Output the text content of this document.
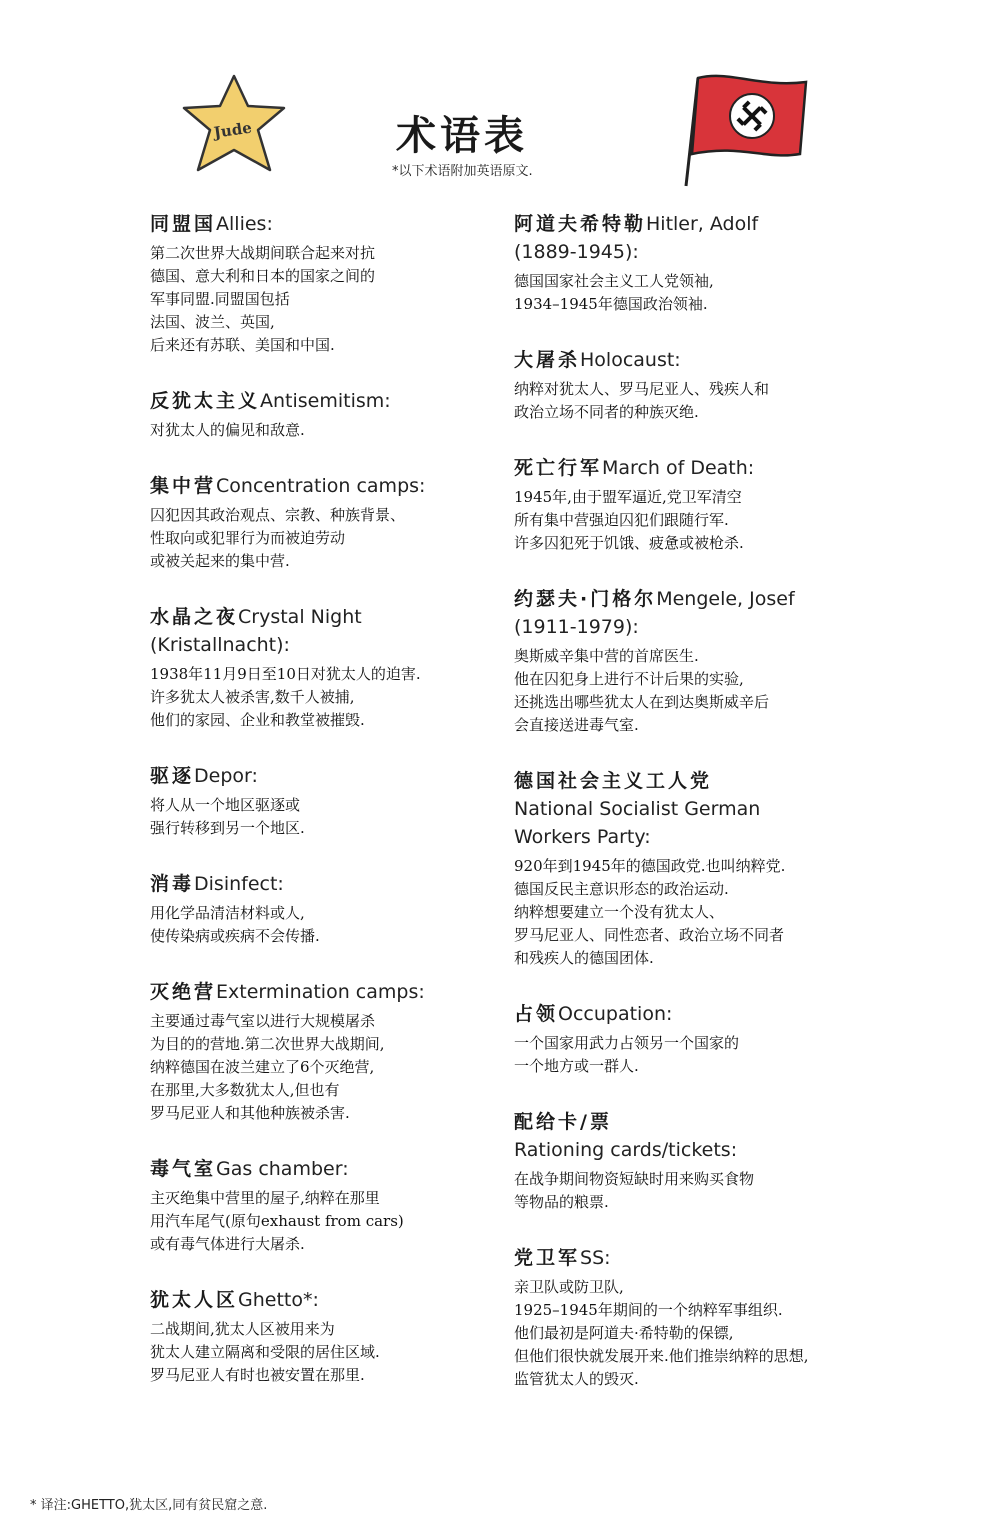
Jude	术语表
*以下术语附加英语原文.
同盟国Allies:
第二次世界大战期间联合起来对抗
德国、意大利和日本的国家之间的
军事同盟.同盟国包括
法国、波兰、英国,
后来还有苏联、美国和中国.
反犹太主义Antisemitism:
对犹太人的偏见和敌意.
集中营Concentration camps:
囚犯因其政治观点、宗教、种族背景、
性取向或犯罪行为而被迫劳动
或被关起来的集中营.
水晶之夜Crystal Night
(Kristallnacht):
1938年11月9日至10日对犹太人的迫害.
许多犹太人被杀害,数千人被捕,
他们的家园、企业和教堂被摧毁.
驱逐Depor:
将人从一个地区驱逐或
强行转移到另一个地区.
消毒Disinfect:
用化学品清洁材料或人,
使传染病或疾病不会传播.
灭绝营Extermination camps:
主要通过毒气室以进行大规模屠杀
为目的的营地.第二次世界大战期间,
纳粹德国在波兰建立了6个灭绝营,
在那里,大多数犹太人,但也有
罗马尼亚人和其他种族被杀害.
毒气室Gas chamber:
主灭绝集中营里的屋子,纳粹在那里
用汽车尾气(原句exhaust from cars)
或有毒气体进行大屠杀.
犹太人区Ghetto*:
二战期间,犹太人区被用来为
犹太人建立隔离和受限的居住区域.
罗马尼亚人有时也被安置在那里.
阿道夫希特勒Hitler, Adolf
(1889-1945):
德国国家社会主义工人党领袖,
1934–1945年德国政治领袖.
大屠杀Holocaust:
纳粹对犹太人、罗马尼亚人、残疾人和
政治立场不同者的种族灭绝.
死亡行军March of Death:
1945年,由于盟军逼近,党卫军清空
所有集中营强迫囚犯们跟随行军.
许多囚犯死于饥饿、疲惫或被枪杀.
约瑟夫·门格尔Mengele, Josef
(1911-1979):
奥斯威辛集中营的首席医生.
他在囚犯身上进行不计后果的实验,
还挑选出哪些犹太人在到达奥斯威辛后
会直接送进毒气室.
德国社会主义工人党
National Socialist German
Workers Party:
920年到1945年的德国政党.也叫纳粹党.
德国反民主意识形态的政治运动.
纳粹想要建立一个没有犹太人、
罗马尼亚人、同性恋者、政治立场不同者
和残疾人的德国团体.
占领Occupation:
一个国家用武力占领另一个国家的
一个地方或一群人.
配给卡/票
Rationing cards/tickets:
在战争期间物资短缺时用来购买食物
等物品的粮票.
党卫军SS:
亲卫队或防卫队,
1925–1945年期间的一个纳粹军事组织.
他们最初是阿道夫·希特勒的保镖,
但他们很快就发展开来.他们推崇纳粹的思想,
监管犹太人的毁灭.
* 译注:GHETTO,犹太区,同有贫民窟之意.
